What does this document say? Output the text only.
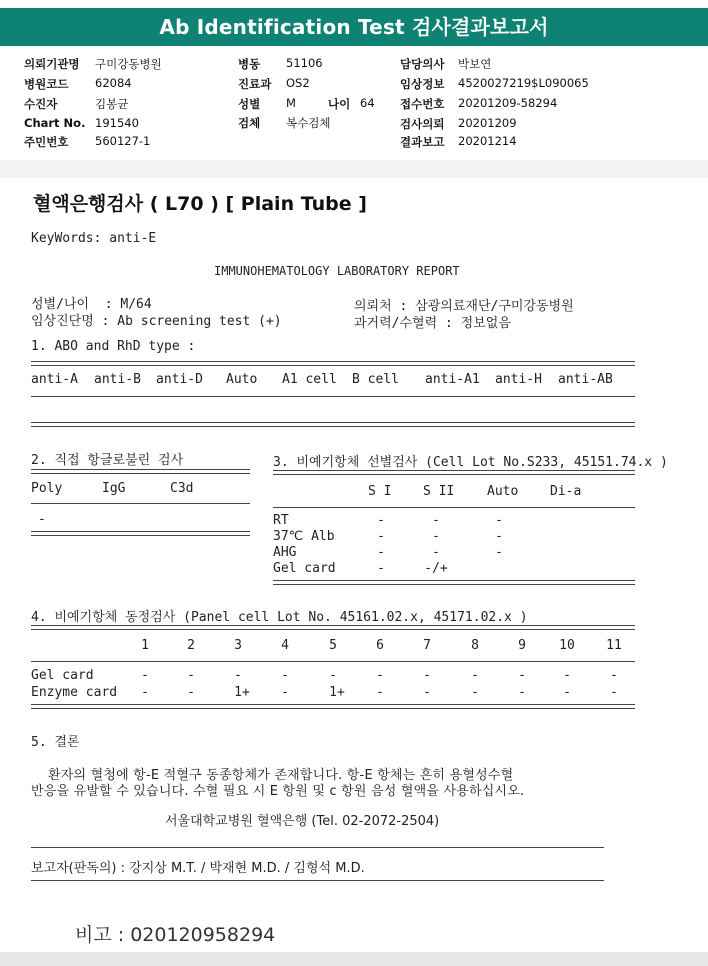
Ab Identification Test 검사결과보고서
의뢰기관명 구미강동병원
병원코드 62084
수진자	김봉균
Chart No. 191540
주민번호 560127-1
병동 51106
진료과 OS2
성별 M	나이 64
검체 복수검체
담당의사 박보연
임상정보 4520027219$L090065
접수번호 20201209-58294
검사의뢰 20201209
결과보고 20201214
혈액은행검사 ( L70 ) [ Plain Tube ]
KeyWords: anti-E
IMMUNOHEMATOLOGY LABORATORY REPORT
성별/나이  : M/64
임상진단명 : Ab screening test (+)
의뢰처 : 삼광의료재단/구미강동병원
과거력/수혈력 : 정보없음
1. ABO and RhD type :
anti-A anti-B anti-D Auto A1 cell B cell anti-A1 anti-H anti-AB
2. 직접 항글로불린 검사
Poly	IgG	C3d
-
3. 비예기항체 선별검사 (Cell Lot No.S233, 45151.74.x )
S I S II	Auto Di-a
RT	-	-	-
37℃ Alb	-	-	-
AHG	-	-	-
Gel card	-	-/+
4. 비예기항체 동정검사 (Panel cell Lot No. 45161.02.x, 45171.02.x )
1	2	3	4	5	6	7	8	9	10	11
Gel card	-	-	-	-	-	-	-	-	-	-	-
Enzyme card	-	-	1+	-	1+	-	-	-	-	-	-
5. 결론
환자의 혈청에 항-E 적혈구 동종항체가 존재합니다. 항-E 항체는 흔히 용혈성수혈
반응을 유발할 수 있습니다. 수혈 필요 시 E 항원 및 c 항원 음성 혈액을 사용하십시오.
서울대학교병원 혈액은행 (Tel. 02-2072-2504)
보고자(판독의) : 강지상 M.T. / 박재현 M.D. / 김형석 M.D.
비고 : 020120958294
